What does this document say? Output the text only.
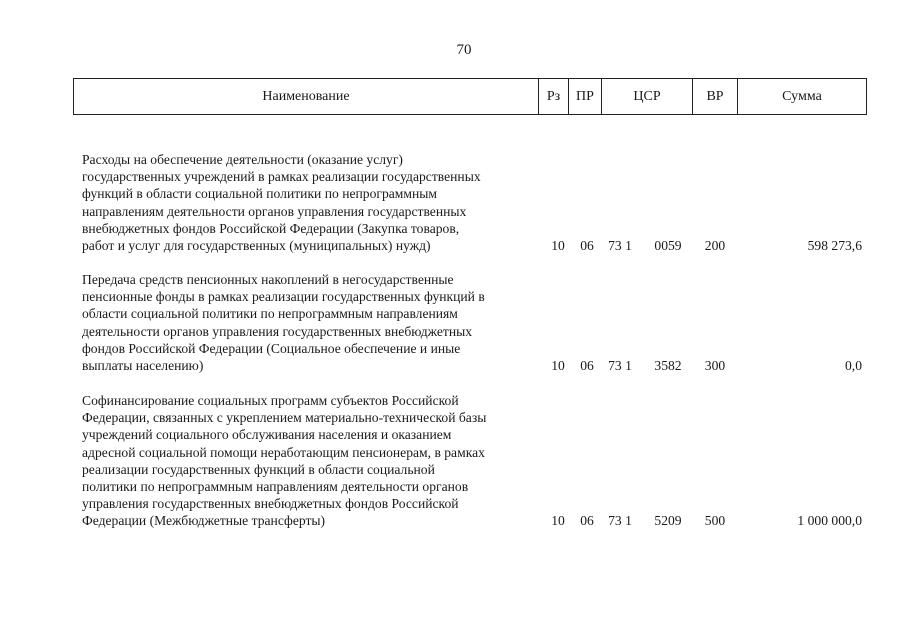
70
Наименование	Рз	ПР	ЦСР	ВР	Сумма
Расходы на обеспечение деятельности (оказание услуг)
государственных учреждений в рамках реализации государственных
функций в области социальной политики по непрограммным
направлениям деятельности органов управления государственных
внебюджетных фондов Российской Федерации (Закупка товаров,
работ и услуг для государственных (муниципальных) нужд)	10	06	73 1	0059	200	598 273,6
Передача средств пенсионных накоплений в негосударственные
пенсионные фонды в рамках реализации государственных функций в
области социальной политики по непрограммным направлениям
деятельности органов управления государственных внебюджетных
фондов Российской Федерации (Социальное обеспечение и иные
выплаты населению)	10	06	73 1	3582	300	0,0
Софинансирование социальных программ субъектов Российской
Федерации, связанных с укреплением материально-технической базы
учреждений социального обслуживания населения и оказанием
адресной социальной помощи неработающим пенсионерам, в рамках
реализации государственных функций в области социальной
политики по непрограммным направлениям деятельности органов
управления государственных внебюджетных фондов Российской
Федерации (Межбюджетные трансферты)	10	06	73 1	5209	500	1 000 000,0
